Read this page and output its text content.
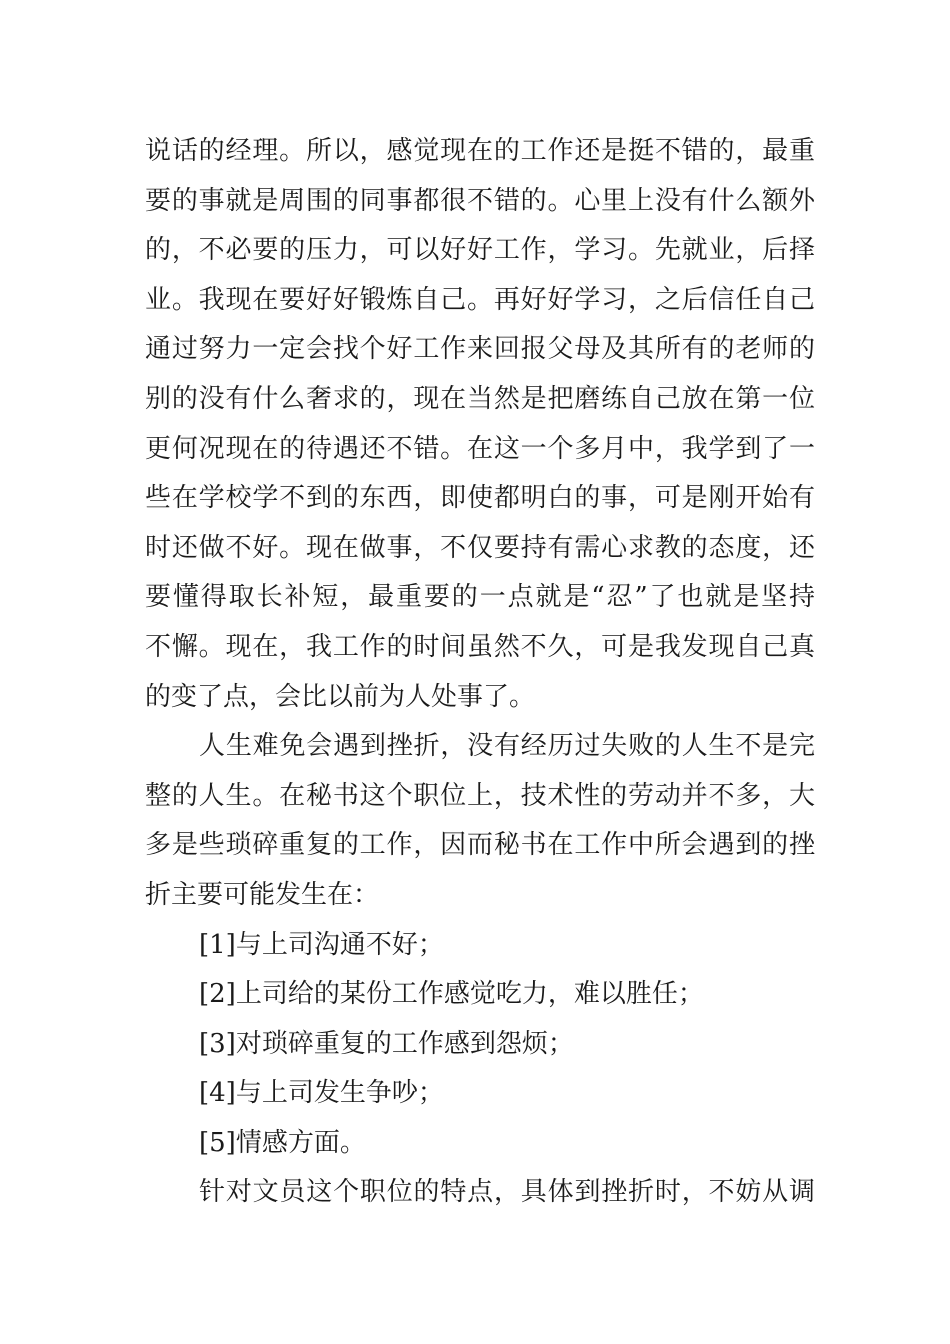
说话的经理。所以，感觉现在的工作还是挺不错的，最重
要的事就是周围的同事都很不错的。心里上没有什么额外
的，不必要的压力，可以好好工作，学习。先就业，后择
业。我现在要好好锻炼自己。再好好学习，之后信任自己
通过努力一定会找个好工作来回报父母及其所有的老师的
别的没有什么奢求的，现在当然是把磨练自己放在第一位
更何况现在的待遇还不错。在这一个多月中，我学到了一
些在学校学不到的东西，即使都明白的事，可是刚开始有
时还做不好。现在做事，不仅要持有需心求教的态度，还
要懂得取长补短，最重要的一点就是“忍”了也就是坚持
不懈。现在，我工作的时间虽然不久，可是我发现自己真
的变了点，会比以前为人处事了。
人生难免会遇到挫折，没有经历过失败的人生不是完
整的人生。在秘书这个职位上，技术性的劳动并不多，大
多是些琐碎重复的工作，因而秘书在工作中所会遇到的挫
折主要可能发生在：
[1]与上司沟通不好；
[2]上司给的某份工作感觉吃力，难以胜任；
[3]对琐碎重复的工作感到怨烦；
[4]与上司发生争吵；
[5]情感方面。
针对文员这个职位的特点，具体到挫折时，不妨从调
